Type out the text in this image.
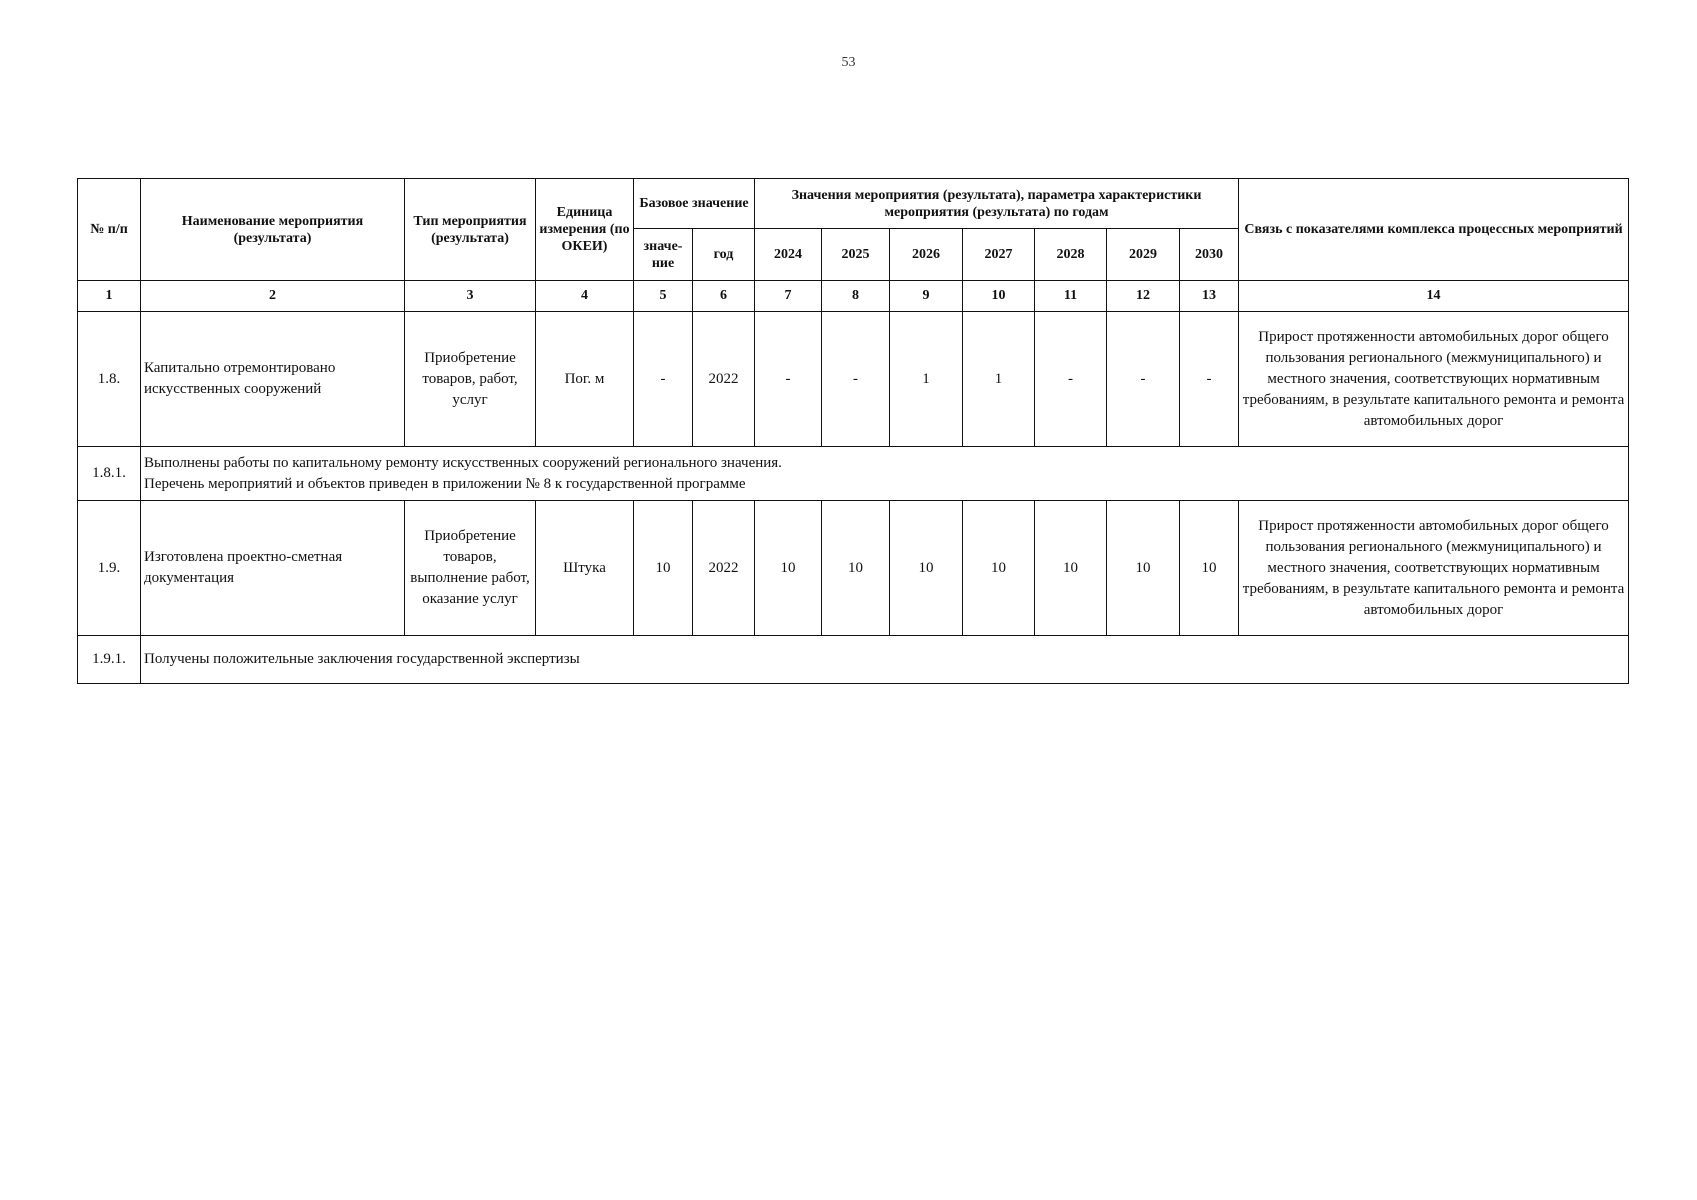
53
№ п/п	Наименование мероприятия (результата)	Тип мероприятия (результата)	Единица измерения (по ОКЕИ)	Базовое значение		Значения мероприятия (результата), параметра характеристики мероприятия (результата) по годам							Связь с показателями комплекса процессных мероприятий
				значе-ние	год	2024	2025	2026	2027	2028	2029	2030	
1	2	3	4	5	6	7	8	9	10	11	12	13	14
1.8.	Капитально отремонтировано искусственных сооружений	Приобретение товаров, работ, услуг	Пог. м	-	2022	-	-	1	1	-	-	-	Прирост протяженности автомобильных дорог общего пользования регионального (межмуниципального) и местного значения, соответствующих нормативным требованиям, в результате капитального ремонта и ремонта автомобильных дорог
1.8.1.	Выполнены работы по капитальному ремонту искусственных сооружений регионального значения.
Перечень мероприятий и объектов приведен в приложении № 8 к государственной программе												

1.9.	Изготовлена проектно-сметная документация	Приобретение товаров, выполнение работ, оказание услуг	Штука	10	2022	10	10	10	10	10	10	10	Прирост протяженности автомобильных дорог общего пользования регионального (межмуниципального) и местного значения, соответствующих нормативным требованиям, в результате капитального ремонта и ремонта автомобильных дорог
1.9.1.	Получены положительные заключения государственной экспертизы												
